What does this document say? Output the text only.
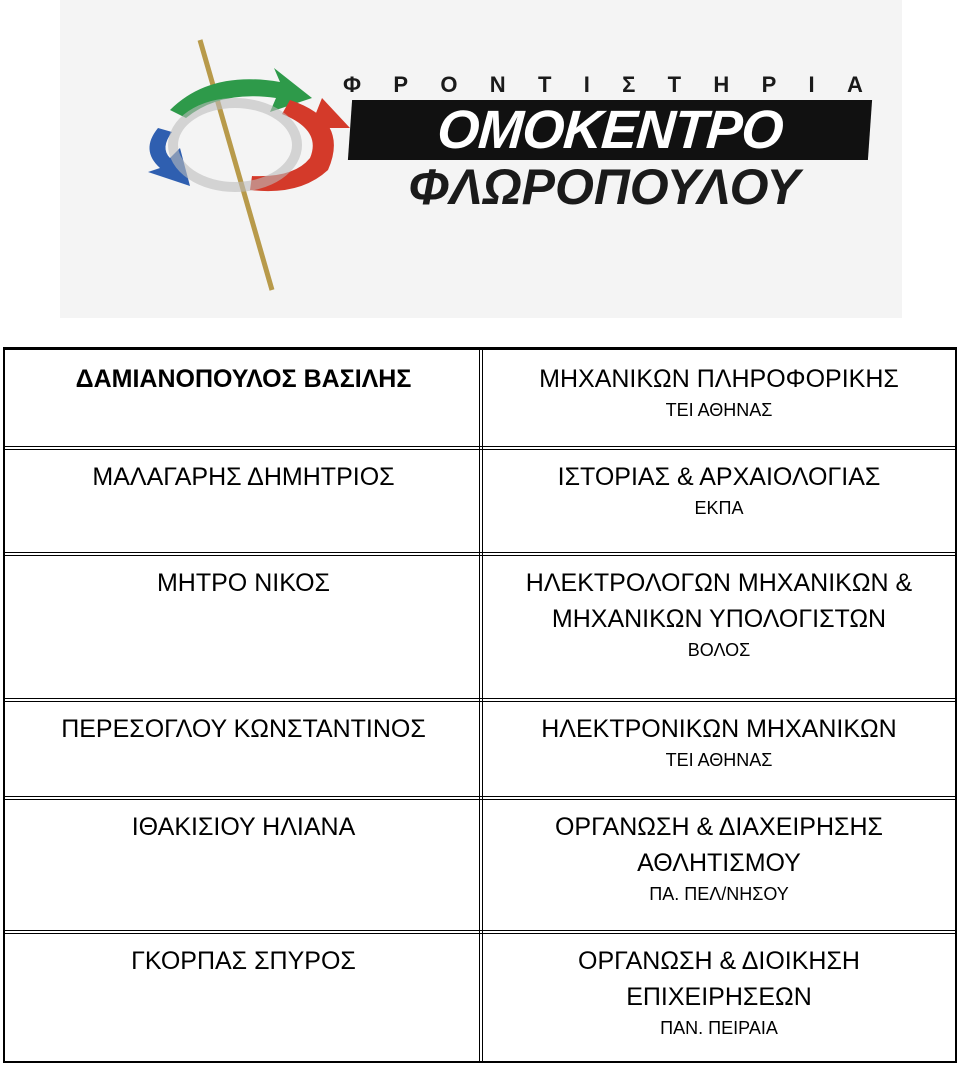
Φ Ρ Ο Ν Τ Ι Σ Τ Η Ρ Ι Α
ΟΜΟΚΕΝΤΡΟ
ΦΛΩΡΟΠΟΥΛΟΥ
ΔΑΜΙΑΝΟΠΟΥΛΟΣ ΒΑΣΙΛΗΣ	ΜΗΧΑΝΙΚΩΝ ΠΛΗΡΟΦΟΡΙΚΗΣ
ΤΕΙ ΑΘΗΝΑΣ
ΜΑΛΑΓΑΡΗΣ ΔΗΜΗΤΡΙΟΣ	ΙΣΤΟΡΙΑΣ & ΑΡΧΑΙΟΛΟΓΙΑΣ
ΕΚΠΑ
ΜΗΤΡΟ ΝΙΚΟΣ	ΗΛΕΚΤΡΟΛΟΓΩΝ ΜΗΧΑΝΙΚΩΝ &
ΜΗΧΑΝΙΚΩΝ ΥΠΟΛΟΓΙΣΤΩΝ
ΒΟΛΟΣ
ΠΕΡΕΣΟΓΛΟΥ ΚΩΝΣΤΑΝΤΙΝΟΣ	ΗΛΕΚΤΡΟΝΙΚΩΝ ΜΗΧΑΝΙΚΩΝ
ΤΕΙ ΑΘΗΝΑΣ
ΙΘΑΚΙΣΙΟΥ ΗΛΙΑΝΑ	ΟΡΓΑΝΩΣΗ & ΔΙΑΧΕΙΡΗΣΗΣ
ΑΘΛΗΤΙΣΜΟΥ
ΠΑ. ΠΕΛ/ΝΗΣΟΥ
ΓΚΟΡΠΑΣ ΣΠΥΡΟΣ	ΟΡΓΑΝΩΣΗ & ΔΙΟΙΚΗΣΗ
ΕΠΙΧΕΙΡΗΣΕΩΝ
ΠΑΝ. ΠΕΙΡΑΙΑ
